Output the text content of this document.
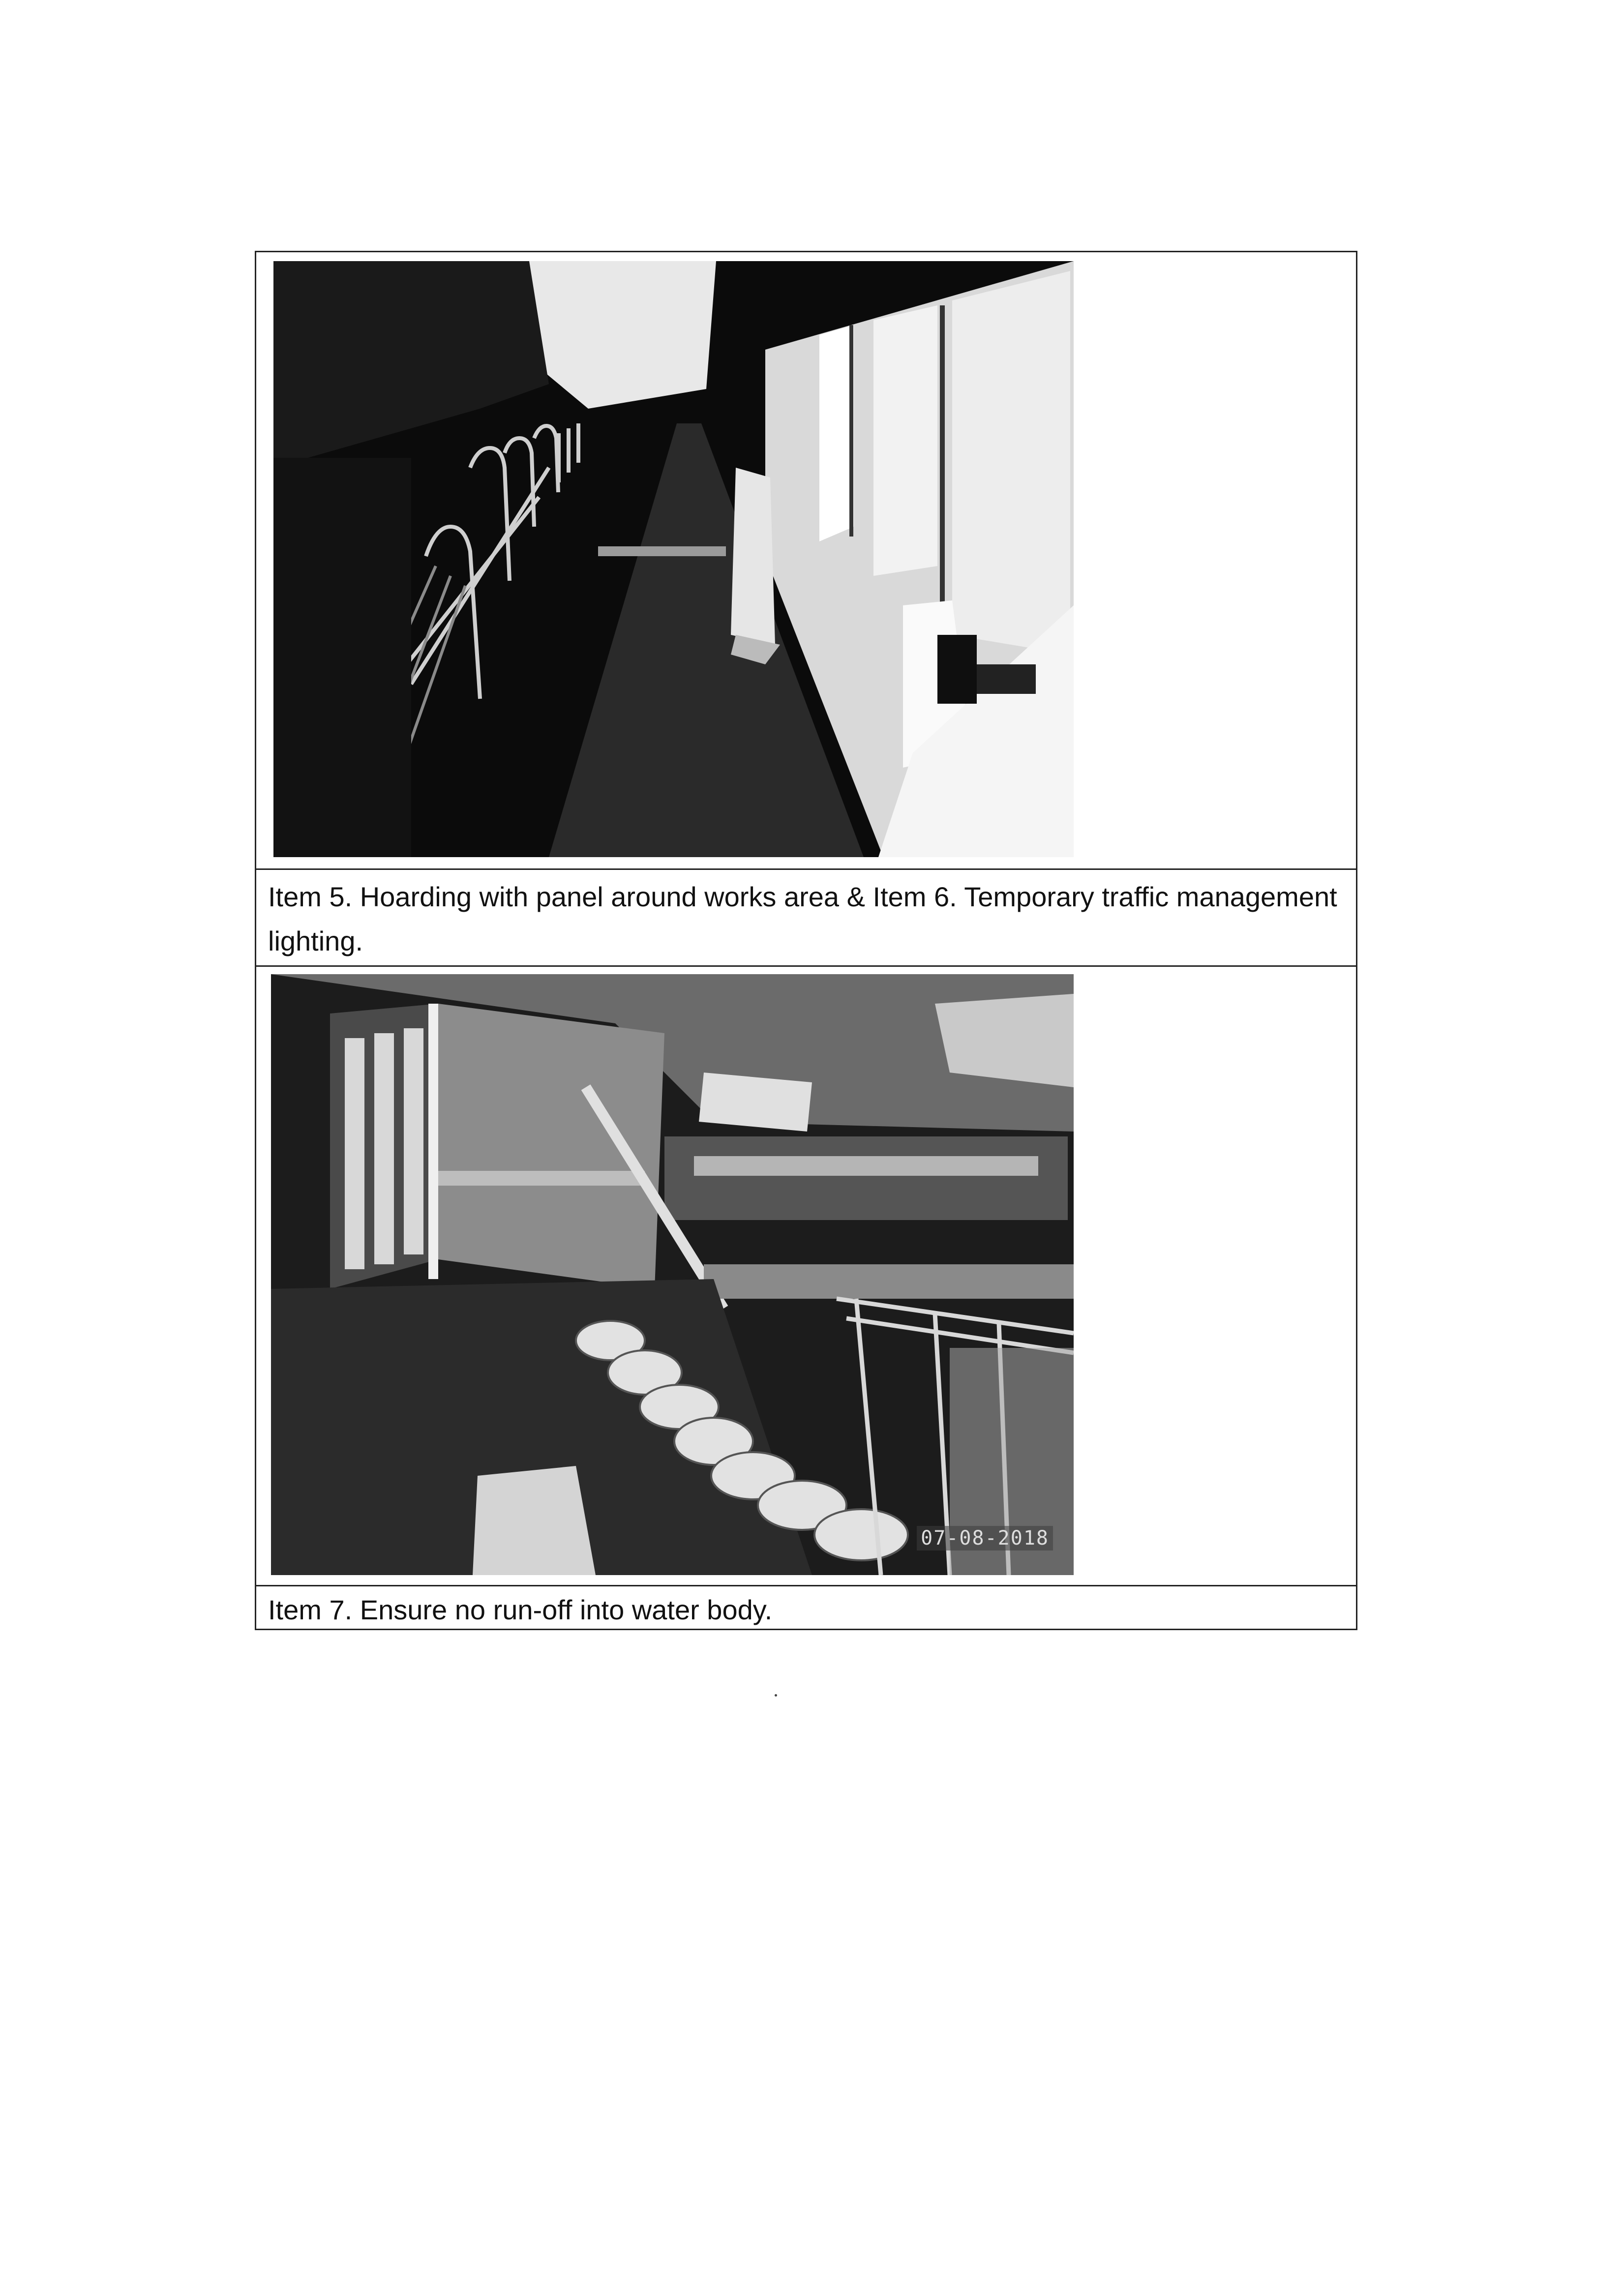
Item 5. Hoarding with panel around works area & Item 6. Temporary traffic management lighting.
07-08-2018
Item 7. Ensure no run-off into water body.
